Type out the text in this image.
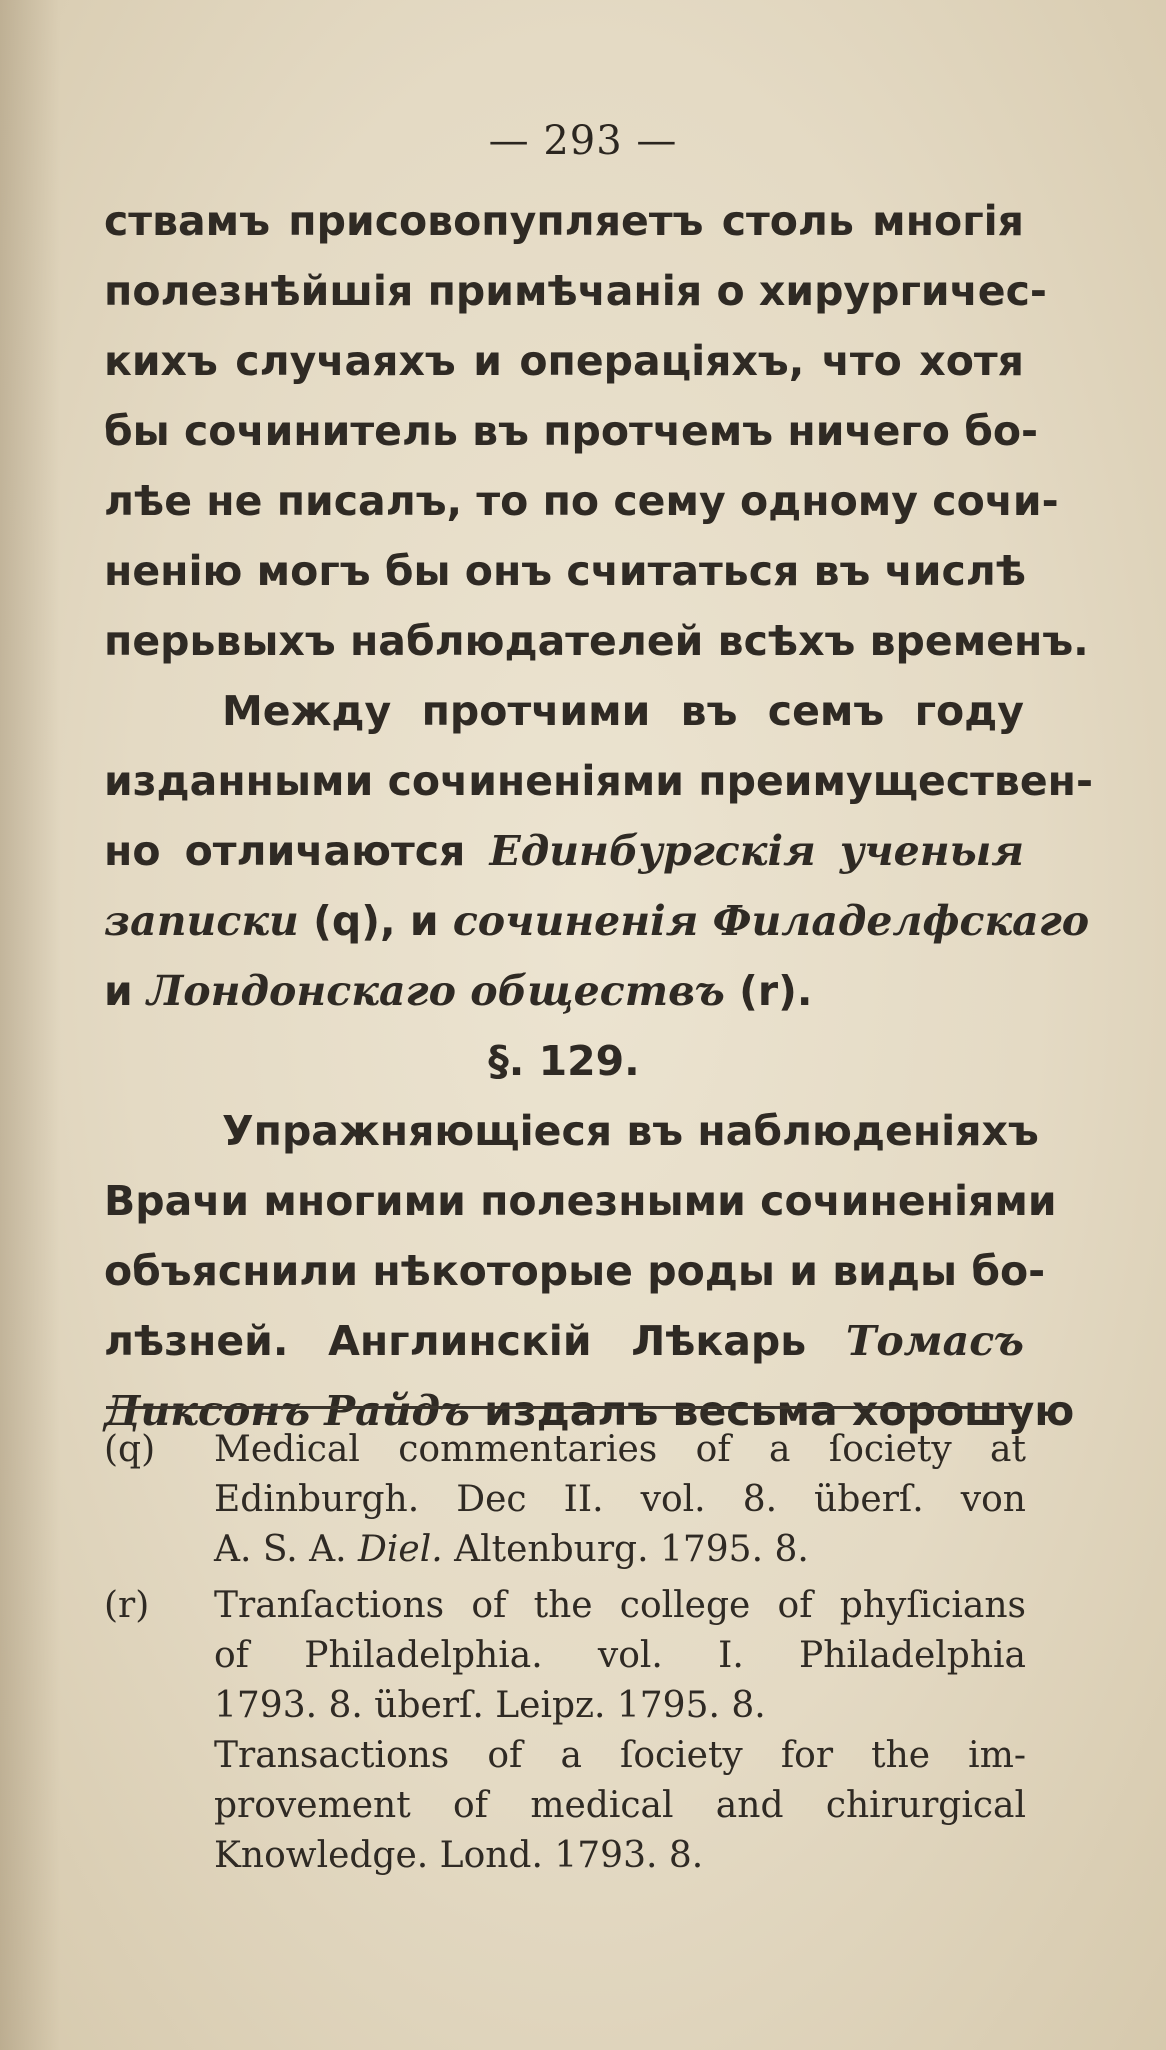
— 293 —
ствамъ присовопупляетъ столь многія
полезнѣйшія примѣчанія о хирургичес-
кихъ случаяхъ и операціяхъ, что хотя
бы сочинитель въ протчемъ ничего бо-
лѣе не писалъ, то по сему одному сочи-
ненію могъ бы онъ считаться въ числѣ
перьвыхъ наблюдателей всѣхъ временъ.
Между протчими въ семъ году
изданными сочиненіями преимуществен-
но отличаются Единбургскія ученыя
записки (q), и сочиненія Филаделфскаго
и Лондонскаго обществъ (r).
§. 129.
Упражняющіеся въ наблюденіяхъ
Врачи многими полезными сочиненіями
объяснили нѣкоторые роды и виды бо-
лѣзней. Англинскій Лѣкарь Томасъ
Диксонъ Райдъ издалъ весьма хорошую
(q) Medical commentaries of a ſociety at
Edinburgh. Dec II. vol. 8. überſ. von
A. S. A. Diel. Altenburg. 1795. 8.
(r) Tranſactions of the college of phyſicians
of Philadelphia. vol. I. Philadelphia
1793. 8. überſ. Leipz. 1795. 8.
Transactions of a ſociety for the im-
provement of medical and chirurgical
Knowledge. Lond. 1793. 8.
